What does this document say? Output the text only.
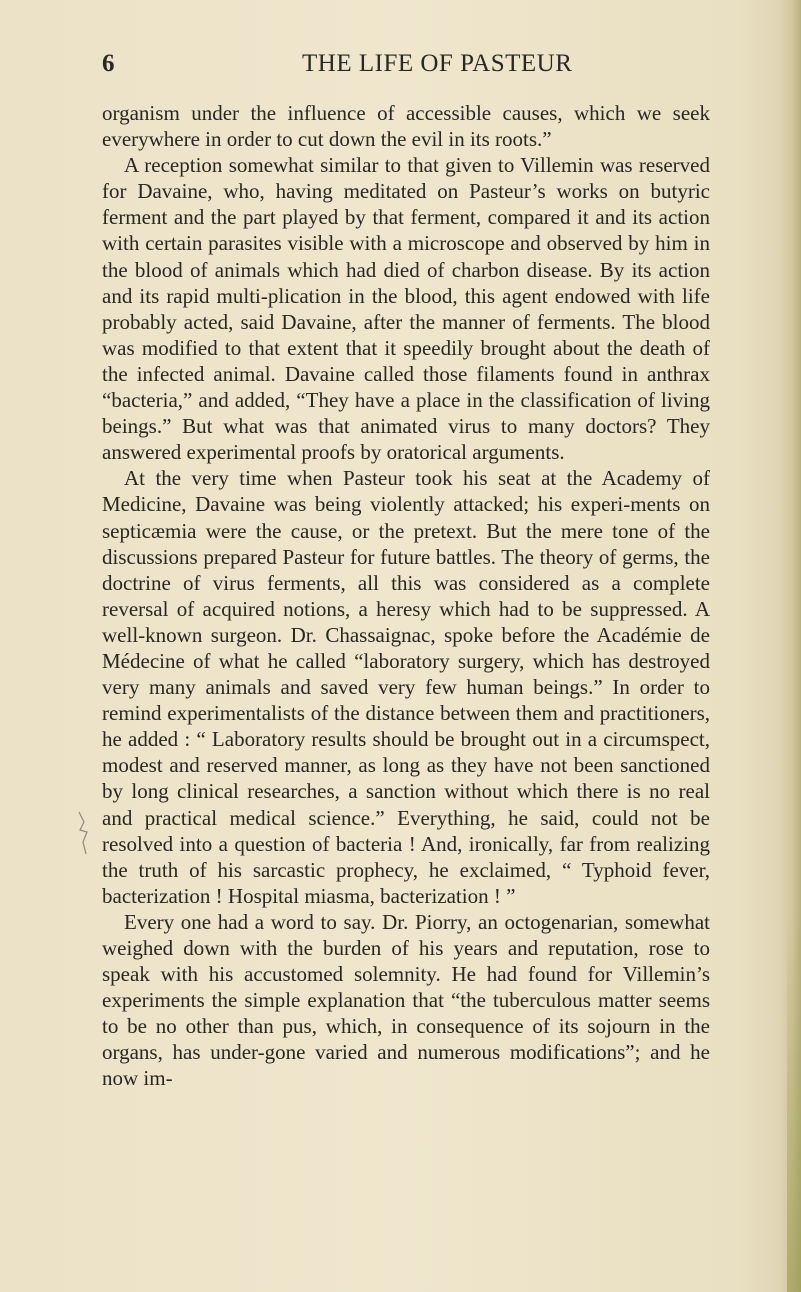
6	THE LIFE OF PASTEUR

organism under the influence of accessible causes, which we seek everywhere in order to cut down the evil in its roots.”

A reception somewhat similar to that given to Villemin was reserved for Davaine, who, having meditated on Pasteur’s works on butyric ferment and the part played by that ferment, compared it and its action with certain parasites visible with a microscope and observed by him in the blood of animals which had died of charbon disease. By its action and its rapid multi-plication in the blood, this agent endowed with life probably acted, said Davaine, after the manner of ferments. The blood was modified to that extent that it speedily brought about the death of the infected animal. Davaine called those filaments found in anthrax “bacteria,” and added, “They have a place in the classification of living beings.” But what was that animated virus to many doctors? They answered experimental proofs by oratorical arguments.

At the very time when Pasteur took his seat at the Academy of Medicine, Davaine was being violently attacked; his experi-ments on septicæmia were the cause, or the pretext. But the mere tone of the discussions prepared Pasteur for future battles. The theory of germs, the doctrine of virus ferments, all this was considered as a complete reversal of acquired notions, a heresy which had to be suppressed. A well-known surgeon. Dr. Chassaignac, spoke before the Académie de Médecine of what he called “laboratory surgery, which has destroyed very many animals and saved very few human beings.” In order to remind experimentalists of the distance between them and practitioners, he added : “ Laboratory results should be brought out in a circumspect, modest and reserved manner, as long as they have not been sanctioned by long clinical researches, a sanction without which there is no real and practical medical science.” Everything, he said, could not be resolved into a question of bacteria ! And, ironically, far from realizing the truth of his sarcastic prophecy, he exclaimed, “ Typhoid fever, bacterization ! Hospital miasma, bacterization ! ”

Every one had a word to say. Dr. Piorry, an octogenarian, somewhat weighed down with the burden of his years and reputation, rose to speak with his accustomed solemnity. He had found for Villemin’s experiments the simple explanation that “the tuberculous matter seems to be no other than pus, which, in consequence of its sojourn in the organs, has under-gone varied and numerous modifications”; and he now im-
